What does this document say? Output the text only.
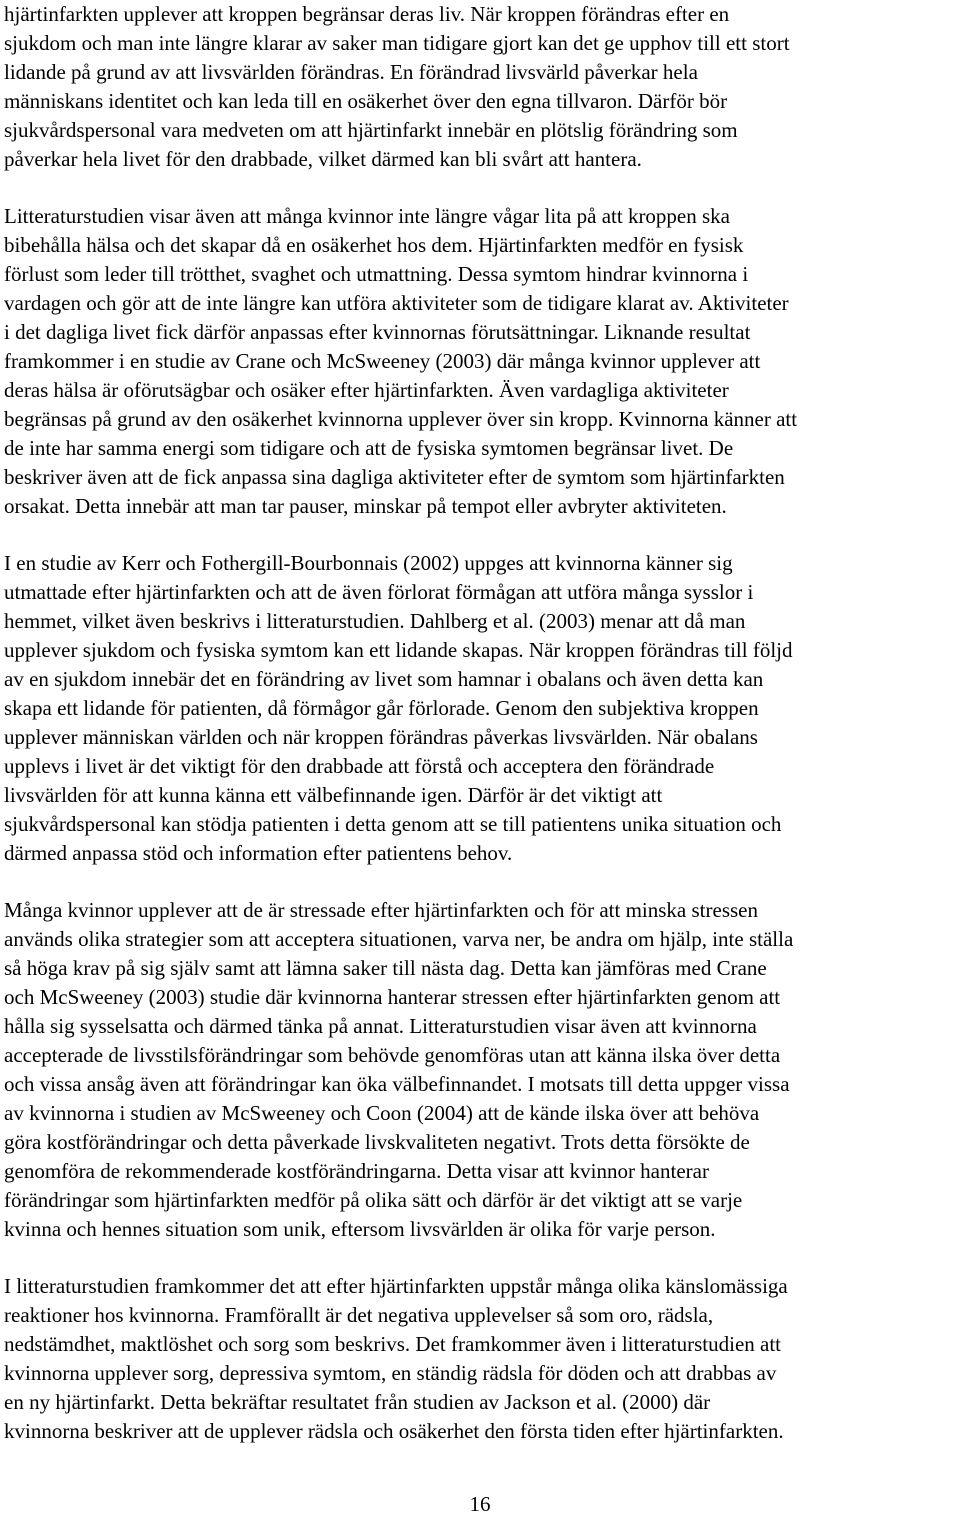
hjärtinfarkten upplever att kroppen begränsar deras liv. När kroppen förändras efter en
sjukdom och man inte längre klarar av saker man tidigare gjort kan det ge upphov till ett stort
lidande på grund av att livsvärlden förändras. En förändrad livsvärld påverkar hela
människans identitet och kan leda till en osäkerhet över den egna tillvaron. Därför bör
sjukvårdspersonal vara medveten om att hjärtinfarkt innebär en plötslig förändring som
påverkar hela livet för den drabbade, vilket därmed kan bli svårt att hantera.
Litteraturstudien visar även att många kvinnor inte längre vågar lita på att kroppen ska
bibehålla hälsa och det skapar då en osäkerhet hos dem. Hjärtinfarkten medför en fysisk
förlust som leder till trötthet, svaghet och utmattning. Dessa symtom hindrar kvinnorna i
vardagen och gör att de inte längre kan utföra aktiviteter som de tidigare klarat av. Aktiviteter
i det dagliga livet fick därför anpassas efter kvinnornas förutsättningar. Liknande resultat
framkommer i en studie av Crane och McSweeney (2003) där många kvinnor upplever att
deras hälsa är oförutsägbar och osäker efter hjärtinfarkten. Även vardagliga aktiviteter
begränsas på grund av den osäkerhet kvinnorna upplever över sin kropp. Kvinnorna känner att
de inte har samma energi som tidigare och att de fysiska symtomen begränsar livet. De
beskriver även att de fick anpassa sina dagliga aktiviteter efter de symtom som hjärtinfarkten
orsakat. Detta innebär att man tar pauser, minskar på tempot eller avbryter aktiviteten.
I en studie av Kerr och Fothergill-Bourbonnais (2002) uppges att kvinnorna känner sig
utmattade efter hjärtinfarkten och att de även förlorat förmågan att utföra många sysslor i
hemmet, vilket även beskrivs i litteraturstudien. Dahlberg et al. (2003) menar att då man
upplever sjukdom och fysiska symtom kan ett lidande skapas. När kroppen förändras till följd
av en sjukdom innebär det en förändring av livet som hamnar i obalans och även detta kan
skapa ett lidande för patienten, då förmågor går förlorade. Genom den subjektiva kroppen
upplever människan världen och när kroppen förändras påverkas livsvärlden. När obalans
upplevs i livet är det viktigt för den drabbade att förstå och acceptera den förändrade
livsvärlden för att kunna känna ett välbefinnande igen. Därför är det viktigt att
sjukvårdspersonal kan stödja patienten i detta genom att se till patientens unika situation och
därmed anpassa stöd och information efter patientens behov.
Många kvinnor upplever att de är stressade efter hjärtinfarkten och för att minska stressen
används olika strategier som att acceptera situationen, varva ner, be andra om hjälp, inte ställa
så höga krav på sig själv samt att lämna saker till nästa dag. Detta kan jämföras med Crane
och McSweeney (2003) studie där kvinnorna hanterar stressen efter hjärtinfarkten genom att
hålla sig sysselsatta och därmed tänka på annat. Litteraturstudien visar även att kvinnorna
accepterade de livsstilsförändringar som behövde genomföras utan att känna ilska över detta
och vissa ansåg även att förändringar kan öka välbefinnandet. I motsats till detta uppger vissa
av kvinnorna i studien av McSweeney och Coon (2004) att de kände ilska över att behöva
göra kostförändringar och detta påverkade livskvaliteten negativt. Trots detta försökte de
genomföra de rekommenderade kostförändringarna. Detta visar att kvinnor hanterar
förändringar som hjärtinfarkten medför på olika sätt och därför är det viktigt att se varje
kvinna och hennes situation som unik, eftersom livsvärlden är olika för varje person.
I litteraturstudien framkommer det att efter hjärtinfarkten uppstår många olika känslomässiga
reaktioner hos kvinnorna. Framförallt är det negativa upplevelser så som oro, rädsla,
nedstämdhet, maktlöshet och sorg som beskrivs. Det framkommer även i litteraturstudien att
kvinnorna upplever sorg, depressiva symtom, en ständig rädsla för döden och att drabbas av
en ny hjärtinfarkt. Detta bekräftar resultatet från studien av Jackson et al. (2000) där
kvinnorna beskriver att de upplever rädsla och osäkerhet den första tiden efter hjärtinfarkten.
16
